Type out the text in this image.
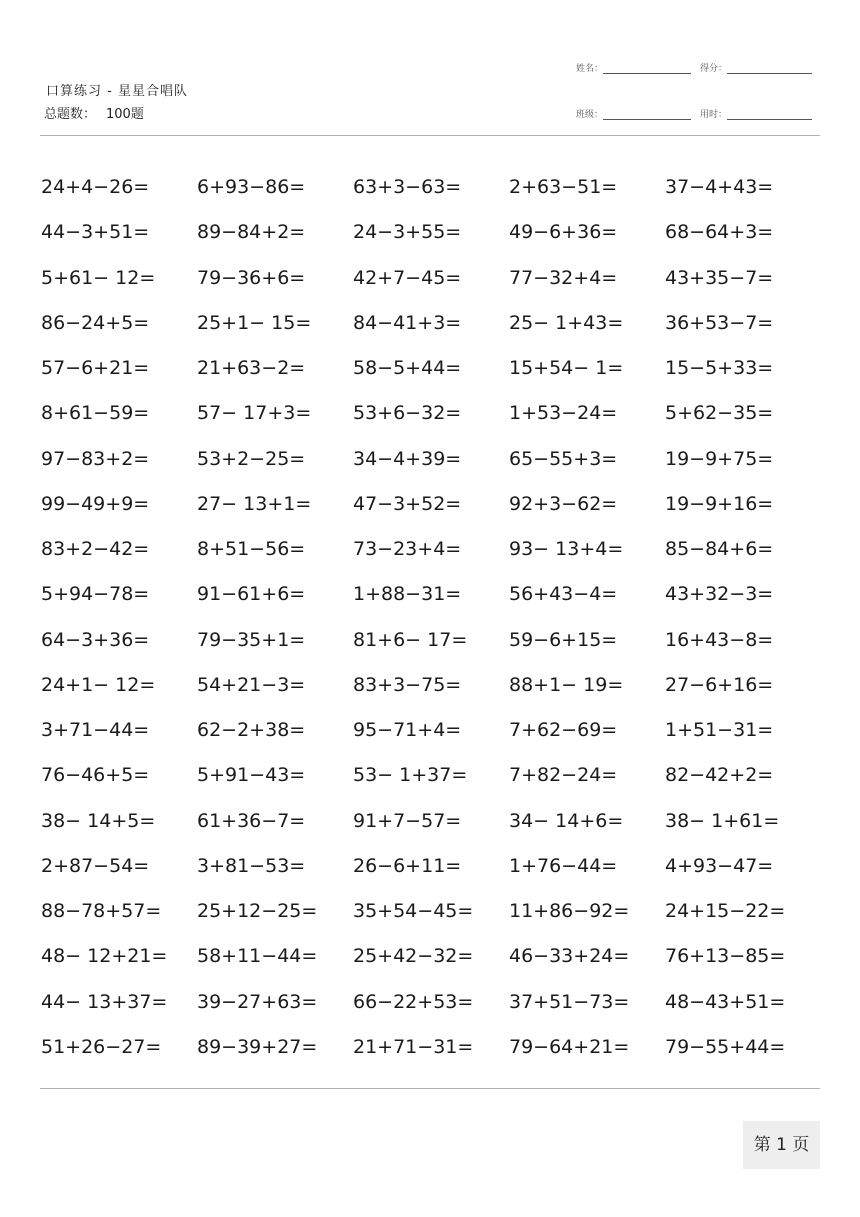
口算练习 - 星星合唱队
总题数： 100题
姓名：	得分：
班级：	用时：
24+4−26=	6+93−86=	63+3−63=	2+63−51=	37−4+43=
44−3+51=	89−84+2=	24−3+55=	49−6+36=	68−64+3=
5+61− 12=	79−36+6=	42+7−45=	77−32+4=	43+35−7=
86−24+5=	25+1− 15=	84−41+3=	25− 1+43=	36+53−7=
57−6+21=	21+63−2=	58−5+44=	15+54− 1=	15−5+33=
8+61−59=	57− 17+3=	53+6−32=	1+53−24=	5+62−35=
97−83+2=	53+2−25=	34−4+39=	65−55+3=	19−9+75=
99−49+9=	27− 13+1=	47−3+52=	92+3−62=	19−9+16=
83+2−42=	8+51−56=	73−23+4=	93− 13+4=	85−84+6=
5+94−78=	91−61+6=	1+88−31=	56+43−4=	43+32−3=
64−3+36=	79−35+1=	81+6− 17=	59−6+15=	16+43−8=
24+1− 12=	54+21−3=	83+3−75=	88+1− 19=	27−6+16=
3+71−44=	62−2+38=	95−71+4=	7+62−69=	1+51−31=
76−46+5=	5+91−43=	53− 1+37=	7+82−24=	82−42+2=
38− 14+5=	61+36−7=	91+7−57=	34− 14+6=	38− 1+61=
2+87−54=	3+81−53=	26−6+11=	1+76−44=	4+93−47=
88−78+57=	25+12−25=	35+54−45=	11+86−92=	24+15−22=
48− 12+21=	58+11−44=	25+42−32=	46−33+24=	76+13−85=
44− 13+37=	39−27+63=	66−22+53=	37+51−73=	48−43+51=
51+26−27=	89−39+27=	21+71−31=	79−64+21=	79−55+44=
第 1 页
